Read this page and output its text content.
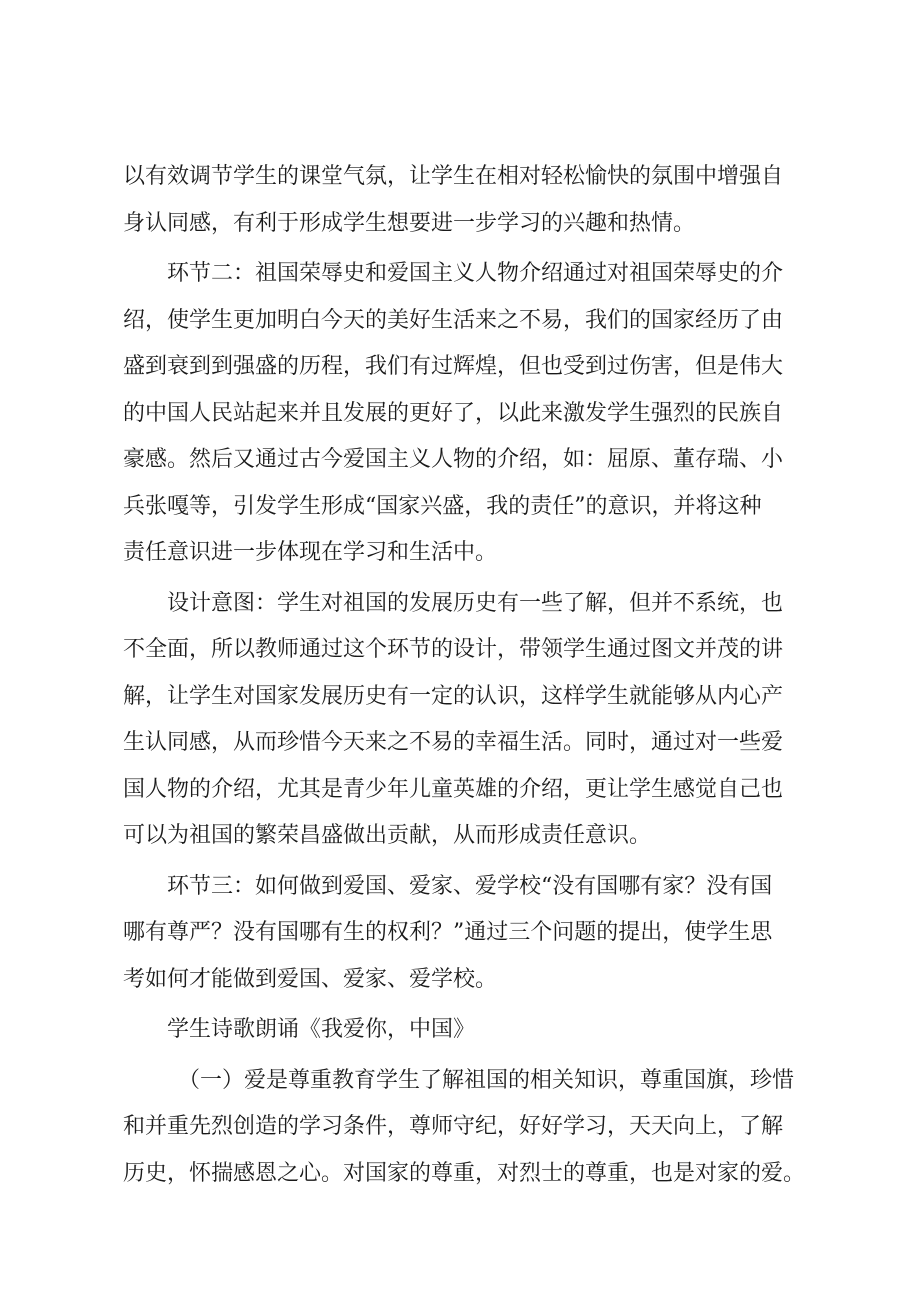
以有效调节学生的课堂气氛，让学生在相对轻松愉快的氛围中增强自
身认同感，有利于形成学生想要进一步学习的兴趣和热情。
环节二：祖国荣辱史和爱国主义人物介绍通过对祖国荣辱史的介
绍，使学生更加明白今天的美好生活来之不易，我们的国家经历了由
盛到衰到到强盛的历程，我们有过辉煌，但也受到过伤害，但是伟大
的中国人民站起来并且发展的更好了，以此来激发学生强烈的民族自
豪感。然后又通过古今爱国主义人物的介绍，如：屈原、董存瑞、小
兵张嘎等，引发学生形成“国家兴盛，我的责任”的意识，并将这种
责任意识进一步体现在学习和生活中。
设计意图：学生对祖国的发展历史有一些了解，但并不系统，也
不全面，所以教师通过这个环节的设计，带领学生通过图文并茂的讲
解，让学生对国家发展历史有一定的认识，这样学生就能够从内心产
生认同感，从而珍惜今天来之不易的幸福生活。同时，通过对一些爱
国人物的介绍，尤其是青少年儿童英雄的介绍，更让学生感觉自己也
可以为祖国的繁荣昌盛做出贡献，从而形成责任意识。
环节三：如何做到爱国、爱家、爱学校“没有国哪有家？没有国
哪有尊严？没有国哪有生的权利？”通过三个问题的提出，使学生思
考如何才能做到爱国、爱家、爱学校。
学生诗歌朗诵《我爱你，中国》
（一）爱是尊重教育学生了解祖国的相关知识，尊重国旗，珍惜
和并重先烈创造的学习条件，尊师守纪，好好学习，天天向上，了解
历史，怀揣感恩之心。对国家的尊重，对烈士的尊重，也是对家的爱。
